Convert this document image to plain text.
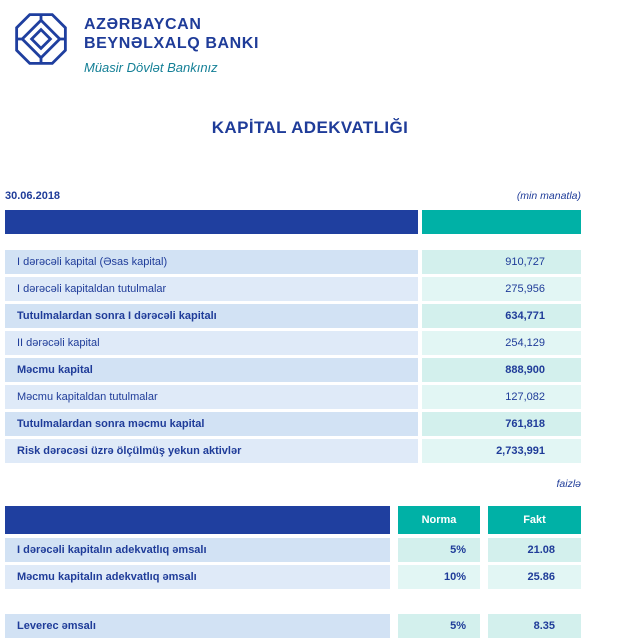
AZƏRBAYCAN
BEYNƏLXALQ BANKI
Müasir Dövlət Bankınız
KAPİTAL ADEKVATLIĞI
30.06.2018	(min manatla)
I dərəcəli kapital (Əsas kapital)	910,727
I dərəcəli kapitaldan tutulmalar	275,956
Tutulmalardan sonra I dərəcəli kapitalı	634,771
II dərəcəli kapital	254,129
Məcmu kapital	888,900
Məcmu kapitaldan tutulmalar	127,082
Tutulmalardan sonra məcmu kapital	761,818
Risk dərəcəsi üzrə ölçülmüş yekun aktivlər	2,733,991
faizlə
Norma	Fakt
I dərəcəli kapitalın adekvatlıq əmsalı	5%	21.08
Məcmu kapitalın adekvatlıq əmsalı	10%	25.86
Leverec əmsalı	5%	8.35
